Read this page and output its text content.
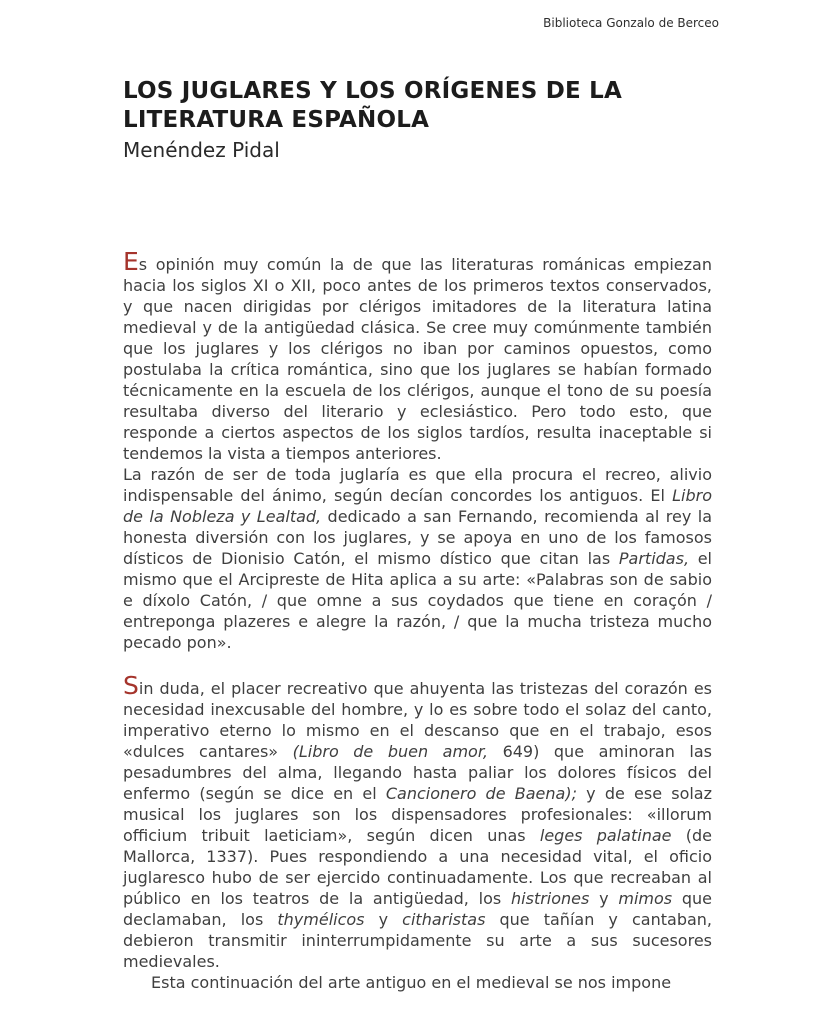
Biblioteca Gonzalo de Berceo
LOS JUGLARES Y LOS ORÍGENES DE LA
LITERATURA ESPAÑOLA
Menéndez Pidal

Es opinión muy común la de que las literaturas románicas empiezan hacia los siglos XI o XII, poco antes de los primeros textos conservados, y que nacen dirigidas por clérigos imitadores de la literatura latina medieval y de la antigüedad clásica. Se cree muy comúnmente también que los juglares y los clérigos no iban por caminos opuestos, como postulaba la crítica romántica, sino que los juglares se habían formado técnicamente en la escuela de los clérigos, aunque el tono de su poesía resultaba diverso del literario y eclesiástico. Pero todo esto, que responde a ciertos aspectos de los siglos tardíos, resulta inaceptable si tendemos la vista a tiempos anteriores.

La razón de ser de toda juglaría es que ella procura el recreo, alivio indispensable del ánimo, según decían concordes los antiguos. El Libro de la Nobleza y Lealtad, dedicado a san Fernando, recomienda al rey la honesta diversión con los juglares, y se apoya en uno de los famosos dísticos de Dionisio Catón, el mismo dístico que citan las Partidas, el mismo que el Arcipreste de Hita aplica a su arte: «Palabras son de sabio e díxolo Catón, / que omne a sus coydados que tiene en coraçón / entreponga plazeres e alegre la razón, / que la mucha tristeza mucho pecado pon».

Sin duda, el placer recreativo que ahuyenta las tristezas del corazón es necesidad inexcusable del hombre, y lo es sobre todo el solaz del canto, imperativo eterno lo mismo en el descanso que en el trabajo, esos «dulces cantares» (Libro de buen amor, 649) que aminoran las pesadumbres del alma, llegando hasta paliar los dolores físicos del enfermo (según se dice en el Cancionero de Baena); y de ese solaz musical los juglares son los dispensadores profesionales: «illorum officium tribuit laeticiam», según dicen unas leges palatinae (de Mallorca, 1337). Pues respondiendo a una necesidad vital, el oficio juglaresco hubo de ser ejercido continuadamente. Los que recreaban al público en los teatros de la antigüedad, los histriones y mimos que declamaban, los thymélicos y citharistas que tañían y cantaban, debieron transmitir ininterrumpidamente su arte a sus sucesores medievales.

Esta continuación del arte antiguo en el medieval se nos impone
